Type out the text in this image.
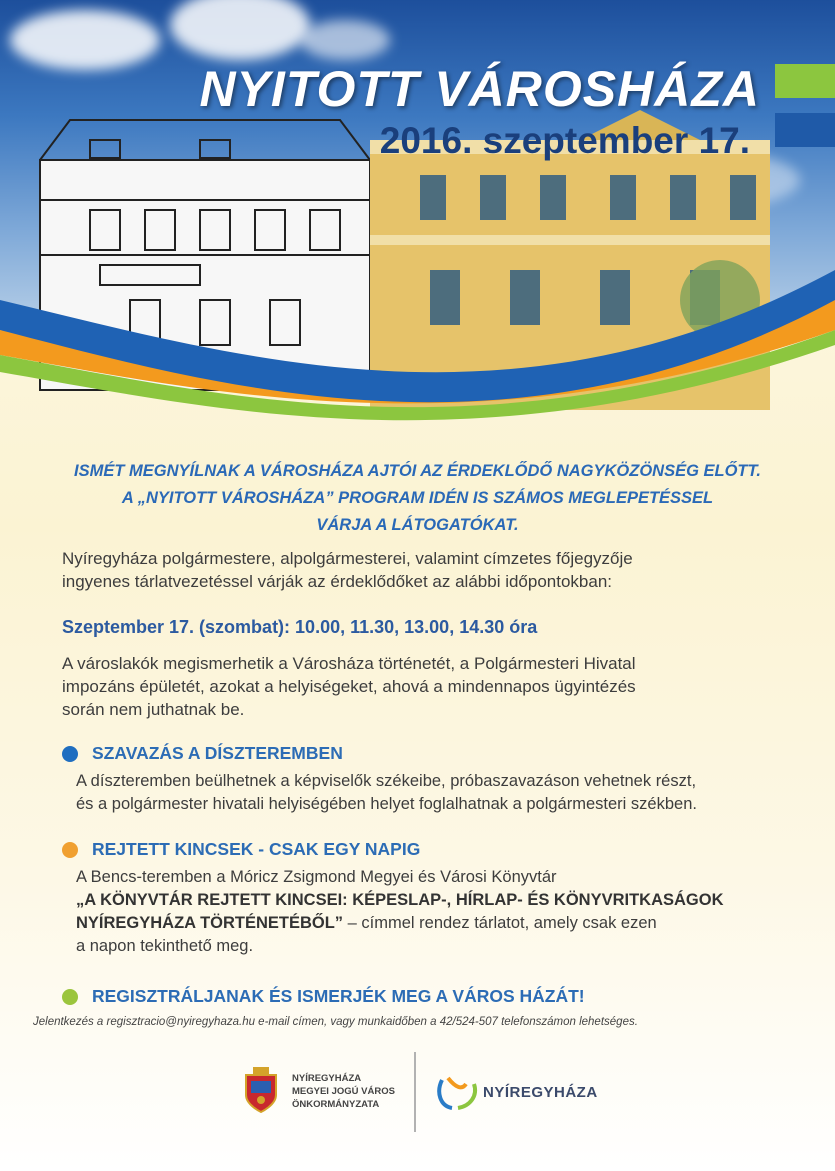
NYITOTT VÁROSHÁZA
2016. szeptember 17.
ISMÉT MEGNYÍLNAK A VÁROSHÁZA AJTÓI AZ ÉRDEKLŐDŐ NAGYKÖZÖNSÉG ELŐTT.
A „NYITOTT VÁROSHÁZA” PROGRAM IDÉN IS SZÁMOS MEGLEPETÉSSEL
VÁRJA A LÁTOGATÓKAT.
Nyíregyháza polgármestere, alpolgármesterei, valamint címzetes főjegyzője
ingyenes tárlatvezetéssel várják az érdeklődőket az alábbi időpontokban:
Szeptember 17. (szombat): 10.00, 11.30, 13.00, 14.30 óra
A városlakók megismerhetik a Városháza történetét, a Polgármesteri Hivatal
impozáns épületét, azokat a helyiségeket, ahová a mindennapos ügyintézés
során nem juthatnak be.
SZAVAZÁS A DÍSZTEREMBEN
A díszteremben beülhetnek a képviselők székeibe, próbaszavazáson vehetnek részt,
és a polgármester hivatali helyiségében helyet foglalhatnak a polgármesteri székben.
REJTETT KINCSEK - CSAK EGY NAPIG
A Bencs-teremben a Móricz Zsigmond Megyei és Városi Könyvtár
„A KÖNYVTÁR REJTETT KINCSEI: KÉPESLAP-, HÍRLAP- ÉS KÖNYVRITKASÁGOK
NYÍREGYHÁZA TÖRTÉNETÉBŐL” – címmel rendez tárlatot, amely csak ezen
a napon tekinthető meg.
REGISZTRÁLJANAK ÉS ISMERJÉK MEG A VÁROS HÁZÁT!
Jelentkezés a regisztracio@nyiregyhaza.hu e-mail címen, vagy munkaidőben a 42/524-507 telefonszámon lehetséges.
NYÍREGYHÁZA
MEGYEI JOGÚ VÁROS
ÖNKORMÁNYZATA
NYÍREGYHÁZA
